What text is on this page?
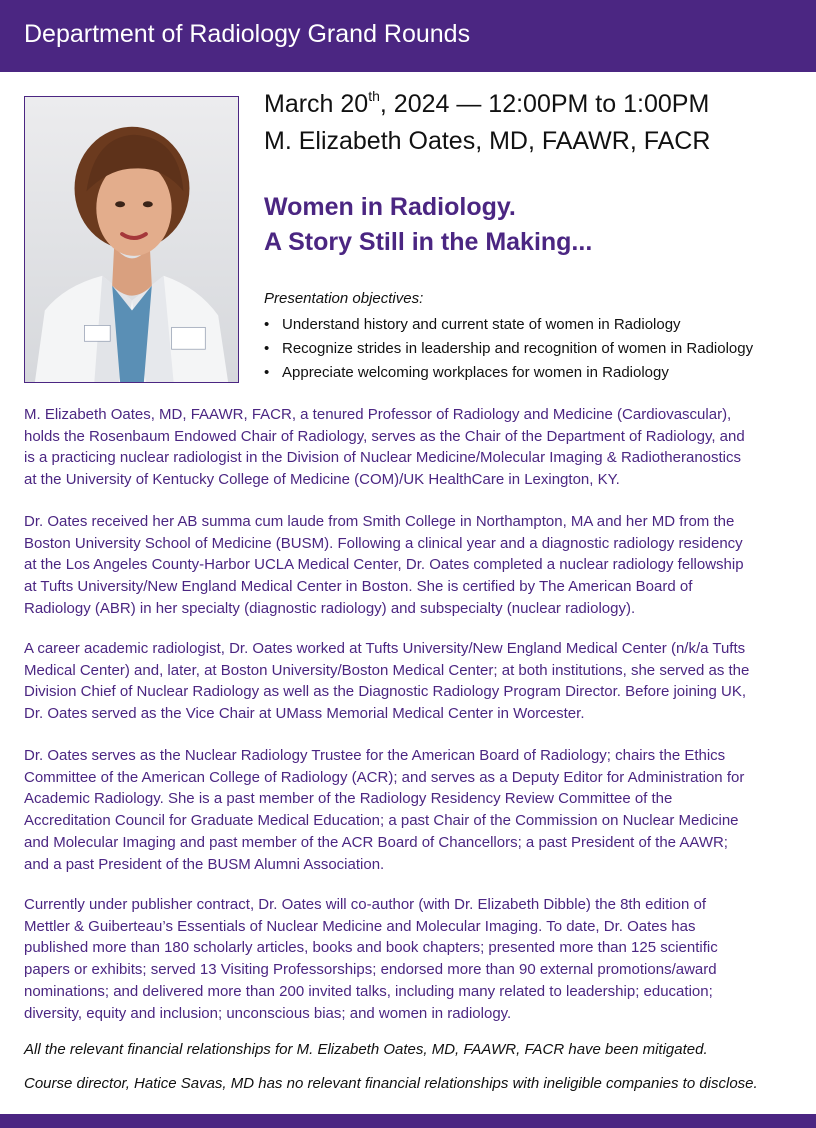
Department of Radiology Grand Rounds
March 20th, 2024 — 12:00PM to 1:00PM
M. Elizabeth Oates, MD, FAAWR, FACR
Women in Radiology.
A Story Still in the Making...
Presentation objectives:
• Understand history and current state of women in Radiology
• Recognize strides in leadership and recognition of women in Radiology
• Appreciate welcoming workplaces for women in Radiology
M. Elizabeth Oates, MD, FAAWR, FACR, a tenured Professor of Radiology and Medicine (Cardiovascular),
holds the Rosenbaum Endowed Chair of Radiology, serves as the Chair of the Department of Radiology, and
is a practicing nuclear radiologist in the Division of Nuclear Medicine/Molecular Imaging & Radiotheranostics
at the University of Kentucky College of Medicine (COM)/UK HealthCare in Lexington, KY.
Dr. Oates received her AB summa cum laude from Smith College in Northampton, MA and her MD from the
Boston University School of Medicine (BUSM). Following a clinical year and a diagnostic radiology residency
at the Los Angeles County-Harbor UCLA Medical Center, Dr. Oates completed a nuclear radiology fellowship
at Tufts University/New England Medical Center in Boston. She is certified by The American Board of
Radiology (ABR) in her specialty (diagnostic radiology) and subspecialty (nuclear radiology).
A career academic radiologist, Dr. Oates worked at Tufts University/New England Medical Center (n/k/a Tufts
Medical Center) and, later, at Boston University/Boston Medical Center; at both institutions, she served as the
Division Chief of Nuclear Radiology as well as the Diagnostic Radiology Program Director. Before joining UK,
Dr. Oates served as the Vice Chair at UMass Memorial Medical Center in Worcester.
Dr. Oates serves as the Nuclear Radiology Trustee for the American Board of Radiology; chairs the Ethics
Committee of the American College of Radiology (ACR); and serves as a Deputy Editor for Administration for
Academic Radiology. She is a past member of the Radiology Residency Review Committee of the
Accreditation Council for Graduate Medical Education; a past Chair of the Commission on Nuclear Medicine
and Molecular Imaging and past member of the ACR Board of Chancellors; a past President of the AAWR;
and a past President of the BUSM Alumni Association.
Currently under publisher contract, Dr. Oates will co-author (with Dr. Elizabeth Dibble) the 8th edition of
Mettler & Guiberteau’s Essentials of Nuclear Medicine and Molecular Imaging. To date, Dr. Oates has
published more than 180 scholarly articles, books and book chapters; presented more than 125 scientific
papers or exhibits; served 13 Visiting Professorships; endorsed more than 90 external promotions/award
nominations; and delivered more than 200 invited talks, including many related to leadership; education;
diversity, equity and inclusion; unconscious bias; and women in radiology.
All the relevant financial relationships for M. Elizabeth Oates, MD, FAAWR, FACR have been mitigated.
Course director, Hatice Savas, MD has no relevant financial relationships with ineligible companies to disclose.
